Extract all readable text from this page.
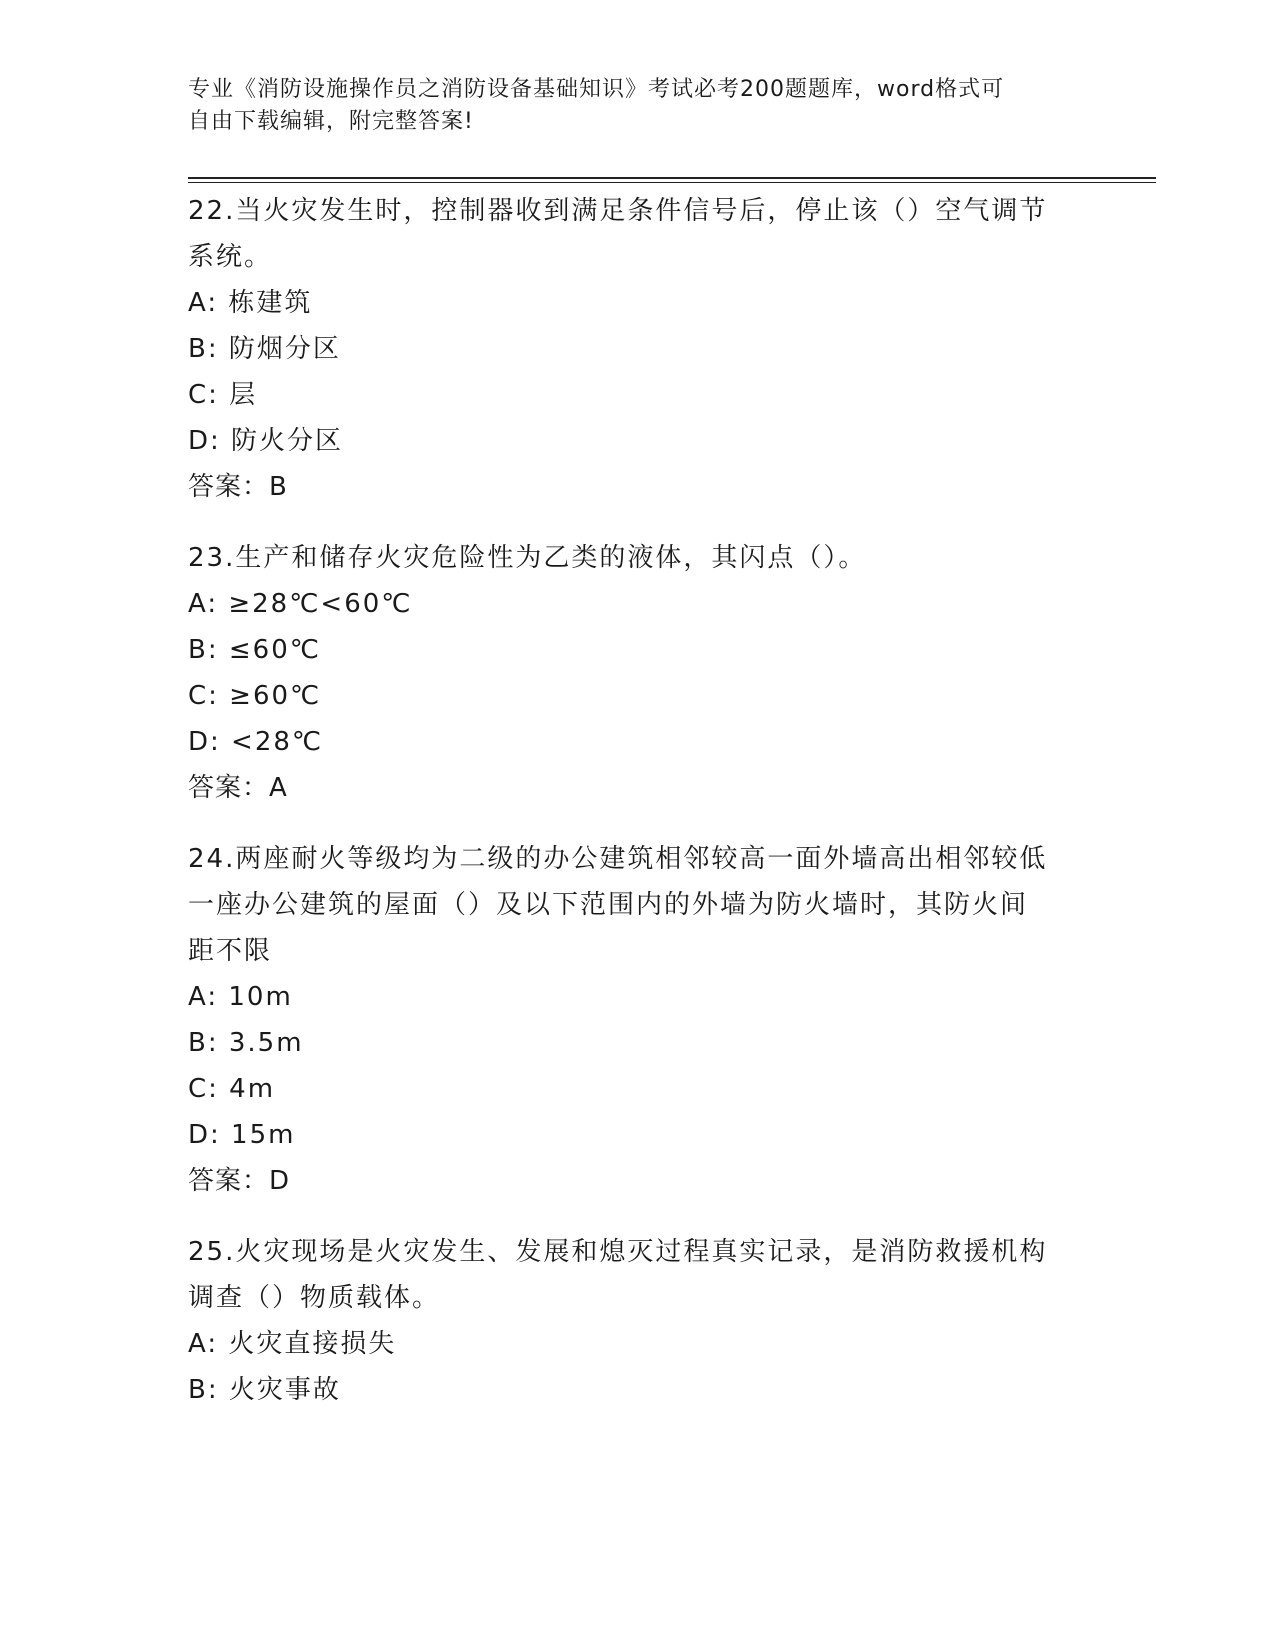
专业《消防设施操作员之消防设备基础知识》考试必考200题题库，word格式可
自由下载编辑，附完整答案!
22.当火灾发生时，控制器收到满足条件信号后，停止该（）空气调节
系统。
A: 栋建筑
B: 防烟分区
C: 层
D: 防火分区
答案：B
23.生产和储存火灾危险性为乙类的液体，其闪点（）。
A: ≥28℃<60℃
B: ≤60℃
C: ≥60℃
D: <28℃
答案：A
24.两座耐火等级均为二级的办公建筑相邻较高一面外墙高出相邻较低
一座办公建筑的屋面（）及以下范围内的外墙为防火墙时，其防火间
距不限
A: 10m
B: 3.5m
C: 4m
D: 15m
答案：D
25.火灾现场是火灾发生、发展和熄灭过程真实记录，是消防救援机构
调查（）物质载体。
A: 火灾直接损失
B: 火灾事故
